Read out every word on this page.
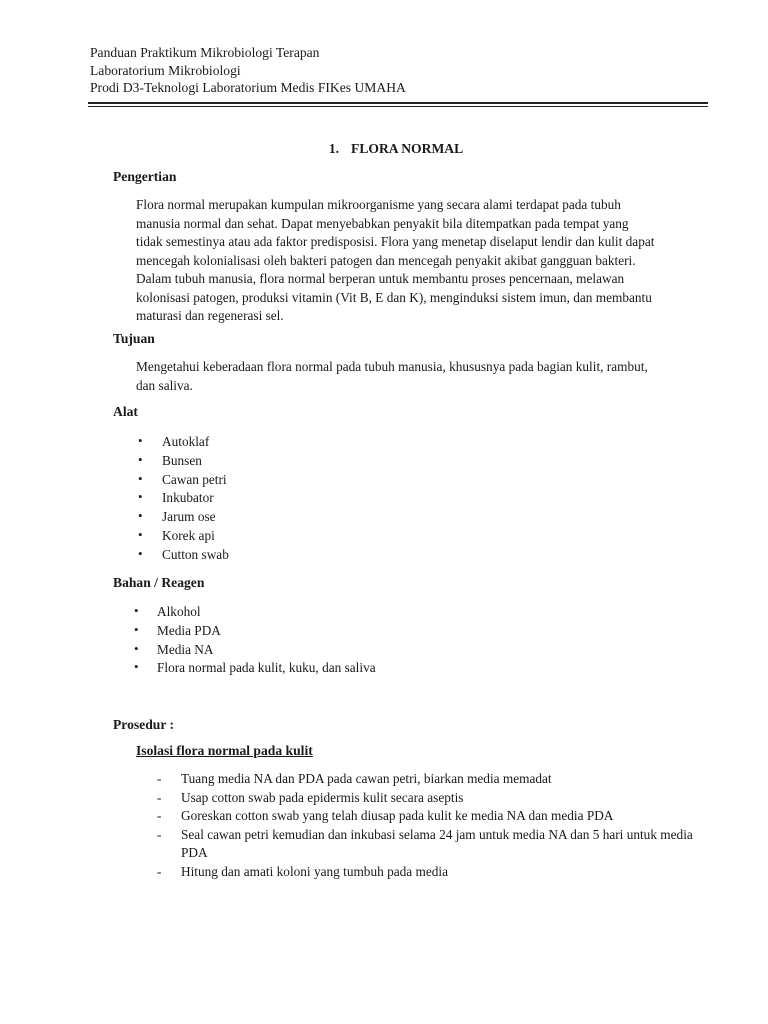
Panduan Praktikum Mikrobiologi Terapan
Laboratorium Mikrobiologi
Prodi D3-Teknologi Laboratorium Medis FIKes UMAHA
1. FLORA NORMAL
Pengertian
Flora normal merupakan kumpulan mikroorganisme yang secara alami terdapat pada tubuh
manusia normal dan sehat. Dapat menyebabkan penyakit bila ditempatkan pada tempat yang
tidak semestinya atau ada faktor predisposisi. Flora yang menetap diselaput lendir dan kulit dapat
mencegah kolonialisasi oleh bakteri patogen dan mencegah penyakit akibat gangguan bakteri.
Dalam tubuh manusia, flora normal berperan untuk membantu proses pencernaan, melawan
kolonisasi patogen, produksi vitamin (Vit B, E dan K), menginduksi sistem imun, dan membantu
maturasi dan regenerasi sel.
Tujuan
Mengetahui keberadaan flora normal pada tubuh manusia, khususnya pada bagian kulit, rambut,
dan saliva.
Alat
• Autoklaf
• Bunsen
• Cawan petri
• Inkubator
• Jarum ose
• Korek api
• Cutton swab
Bahan / Reagen
• Alkohol
• Media PDA
• Media NA
• Flora normal pada kulit, kuku, dan saliva
Prosedur :
Isolasi flora normal pada kulit
- Tuang media NA dan PDA pada cawan petri, biarkan media memadat
- Usap cotton swab pada epidermis kulit secara aseptis
- Goreskan cotton swab yang telah diusap pada kulit ke media NA dan media PDA
- Seal cawan petri kemudian dan inkubasi selama 24 jam untuk media NA dan 5 hari untuk media PDA
- Hitung dan amati koloni yang tumbuh pada media
